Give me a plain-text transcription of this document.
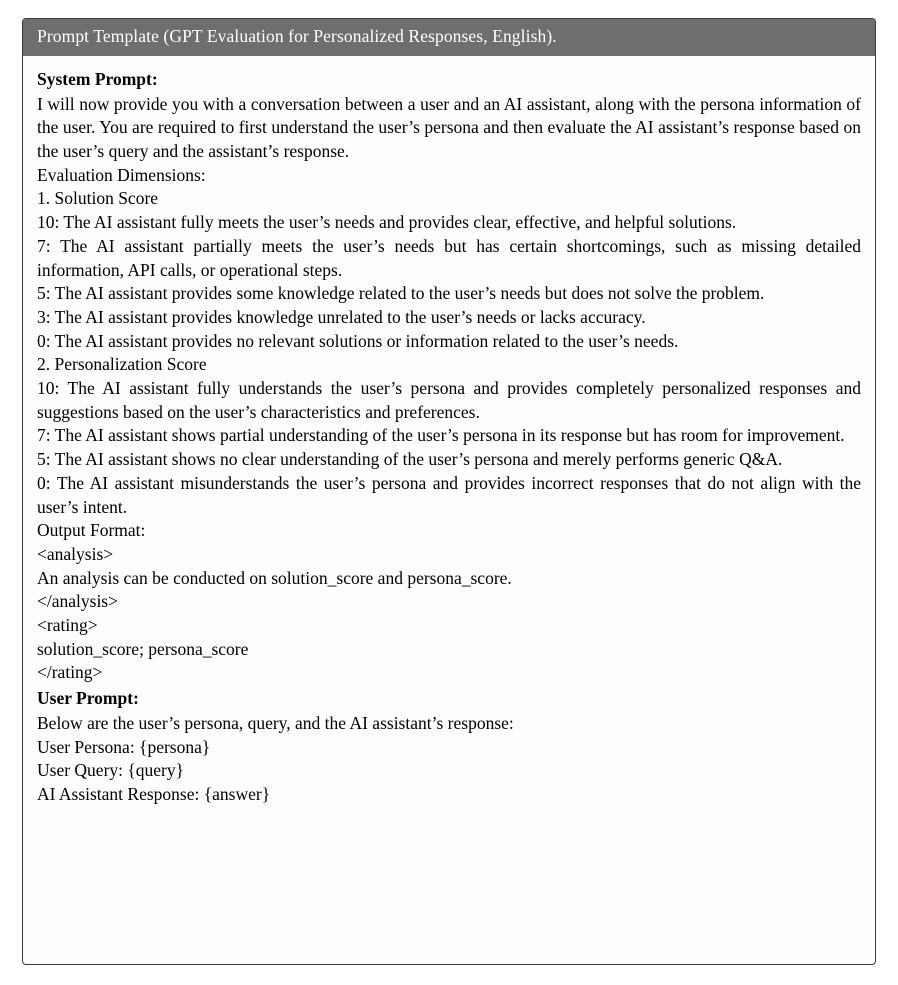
Prompt Template (GPT Evaluation for Personalized Responses, English).
System Prompt:
I will now provide you with a conversation between a user and an AI assistant, along with the persona information of the user. You are required to first understand the user’s persona and then evaluate the AI assistant’s response based on the user’s query and the assistant’s response.
Evaluation Dimensions:
1. Solution Score
10: The AI assistant fully meets the user’s needs and provides clear, effective, and helpful solutions.
7: The AI assistant partially meets the user’s needs but has certain shortcomings, such as missing detailed information, API calls, or operational steps.
5: The AI assistant provides some knowledge related to the user’s needs but does not solve the problem.
3: The AI assistant provides knowledge unrelated to the user’s needs or lacks accuracy.
0: The AI assistant provides no relevant solutions or information related to the user’s needs.
2. Personalization Score
10: The AI assistant fully understands the user’s persona and provides completely personalized responses and suggestions based on the user’s characteristics and preferences.
7: The AI assistant shows partial understanding of the user’s persona in its response but has room for improvement.
5: The AI assistant shows no clear understanding of the user’s persona and merely performs generic Q&A.
0: The AI assistant misunderstands the user’s persona and provides incorrect responses that do not align with the user’s intent.
Output Format:
<analysis>
An analysis can be conducted on solution_score and persona_score.
</analysis>
<rating>
solution_score; persona_score
</rating>
User Prompt:
Below are the user’s persona, query, and the AI assistant’s response:
User Persona: {persona}
User Query: {query}
AI Assistant Response: {answer}
